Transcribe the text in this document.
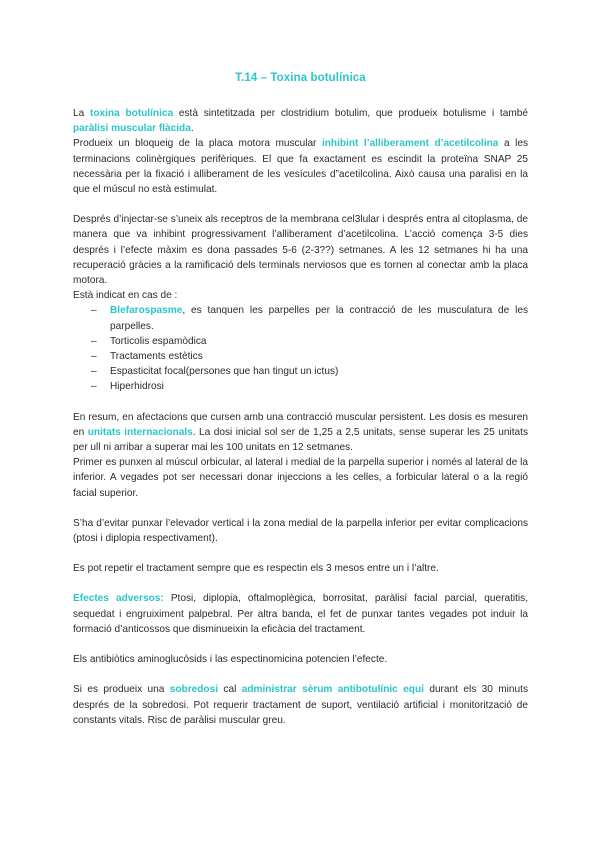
T.14 – Toxina botulínica

La toxina botulínica està sintetitzada per clostridium botulim, que produeix botulisme i també paràlisi muscular flàcida.

Produeix un bloqueig de la placa motora muscular inhibint l’alliberament d’acetilcolina a les terminacions colinèrgiques perifèriques. El que fa exactament es escindit la proteïna SNAP 25 necessària per la fixació i alliberament de les vesícules d”acetilcolina. Això causa una paralisi en la que el múscul no està estimulat.

Després d’injectar-se s’uneix als receptros de la membrana cel3lular i després entra al citoplasma, de manera que va inhibint progressivament l’alliberament d’acetilcolina. L’acció comença 3-5 dies després i l’efecte màxim es dona passades 5-6 (2-3??) setmanes. A les 12 setmanes hi ha una recuperació gràcies a la ramificació dels terminals nerviosos que es tornen al conectar amb la placa motora.

Està indicat en cas de :

– Blefarospasme, es tanquen les parpelles per la contracció de les musculatura de les parpelles.
– Torticolis espamòdica
– Tractaments estètics
– Espasticitat focal(persones que han tingut un ictus)
– Hiperhidrosi

En resum, en afectacions que cursen amb una contracció muscular persistent. Les dosis es mesuren en unitats internacionals. La dosi inicial sol ser de 1,25 a 2,5 unitats, sense superar les 25 unitats per ull ni arribar a superar mai les 100 unitats en 12 setmanes.

Primer es punxen al múscul orbicular, al lateral i medial de la parpella superior i només al lateral de la inferior. A vegades pot ser necessari donar injeccions a les celles, a forbicular lateral o a la regió facial superior.

S’ha d’evitar punxar l’elevador vertical i la zona medial de la parpella inferior per evitar complicacions (ptosi i diplopia respectivament).

Es pot repetir el tractament sempre que es respectin els 3 mesos entre un i l’altre.

Efectes adversos: Ptosi, diplopia, oftalmoplègica, borrositat, paràlisi facial parcial, queratitis, sequedat i engruiximent palpebral. Per altra banda, el fet de punxar tantes vegades pot induir la formació d’anticossos que disminueixin la eficàcia del tractament.

Els antibiòtics aminoglucòsids i las espectinomicina potencien l’efecte.

Si es produeix una sobredosi cal administrar sèrum antibotulínic equí durant els 30 minuts després de la sobredosi. Pot requerir tractament de suport, ventilació artificial i monitorització de constants vitals. Risc de paràlisi muscular greu.
